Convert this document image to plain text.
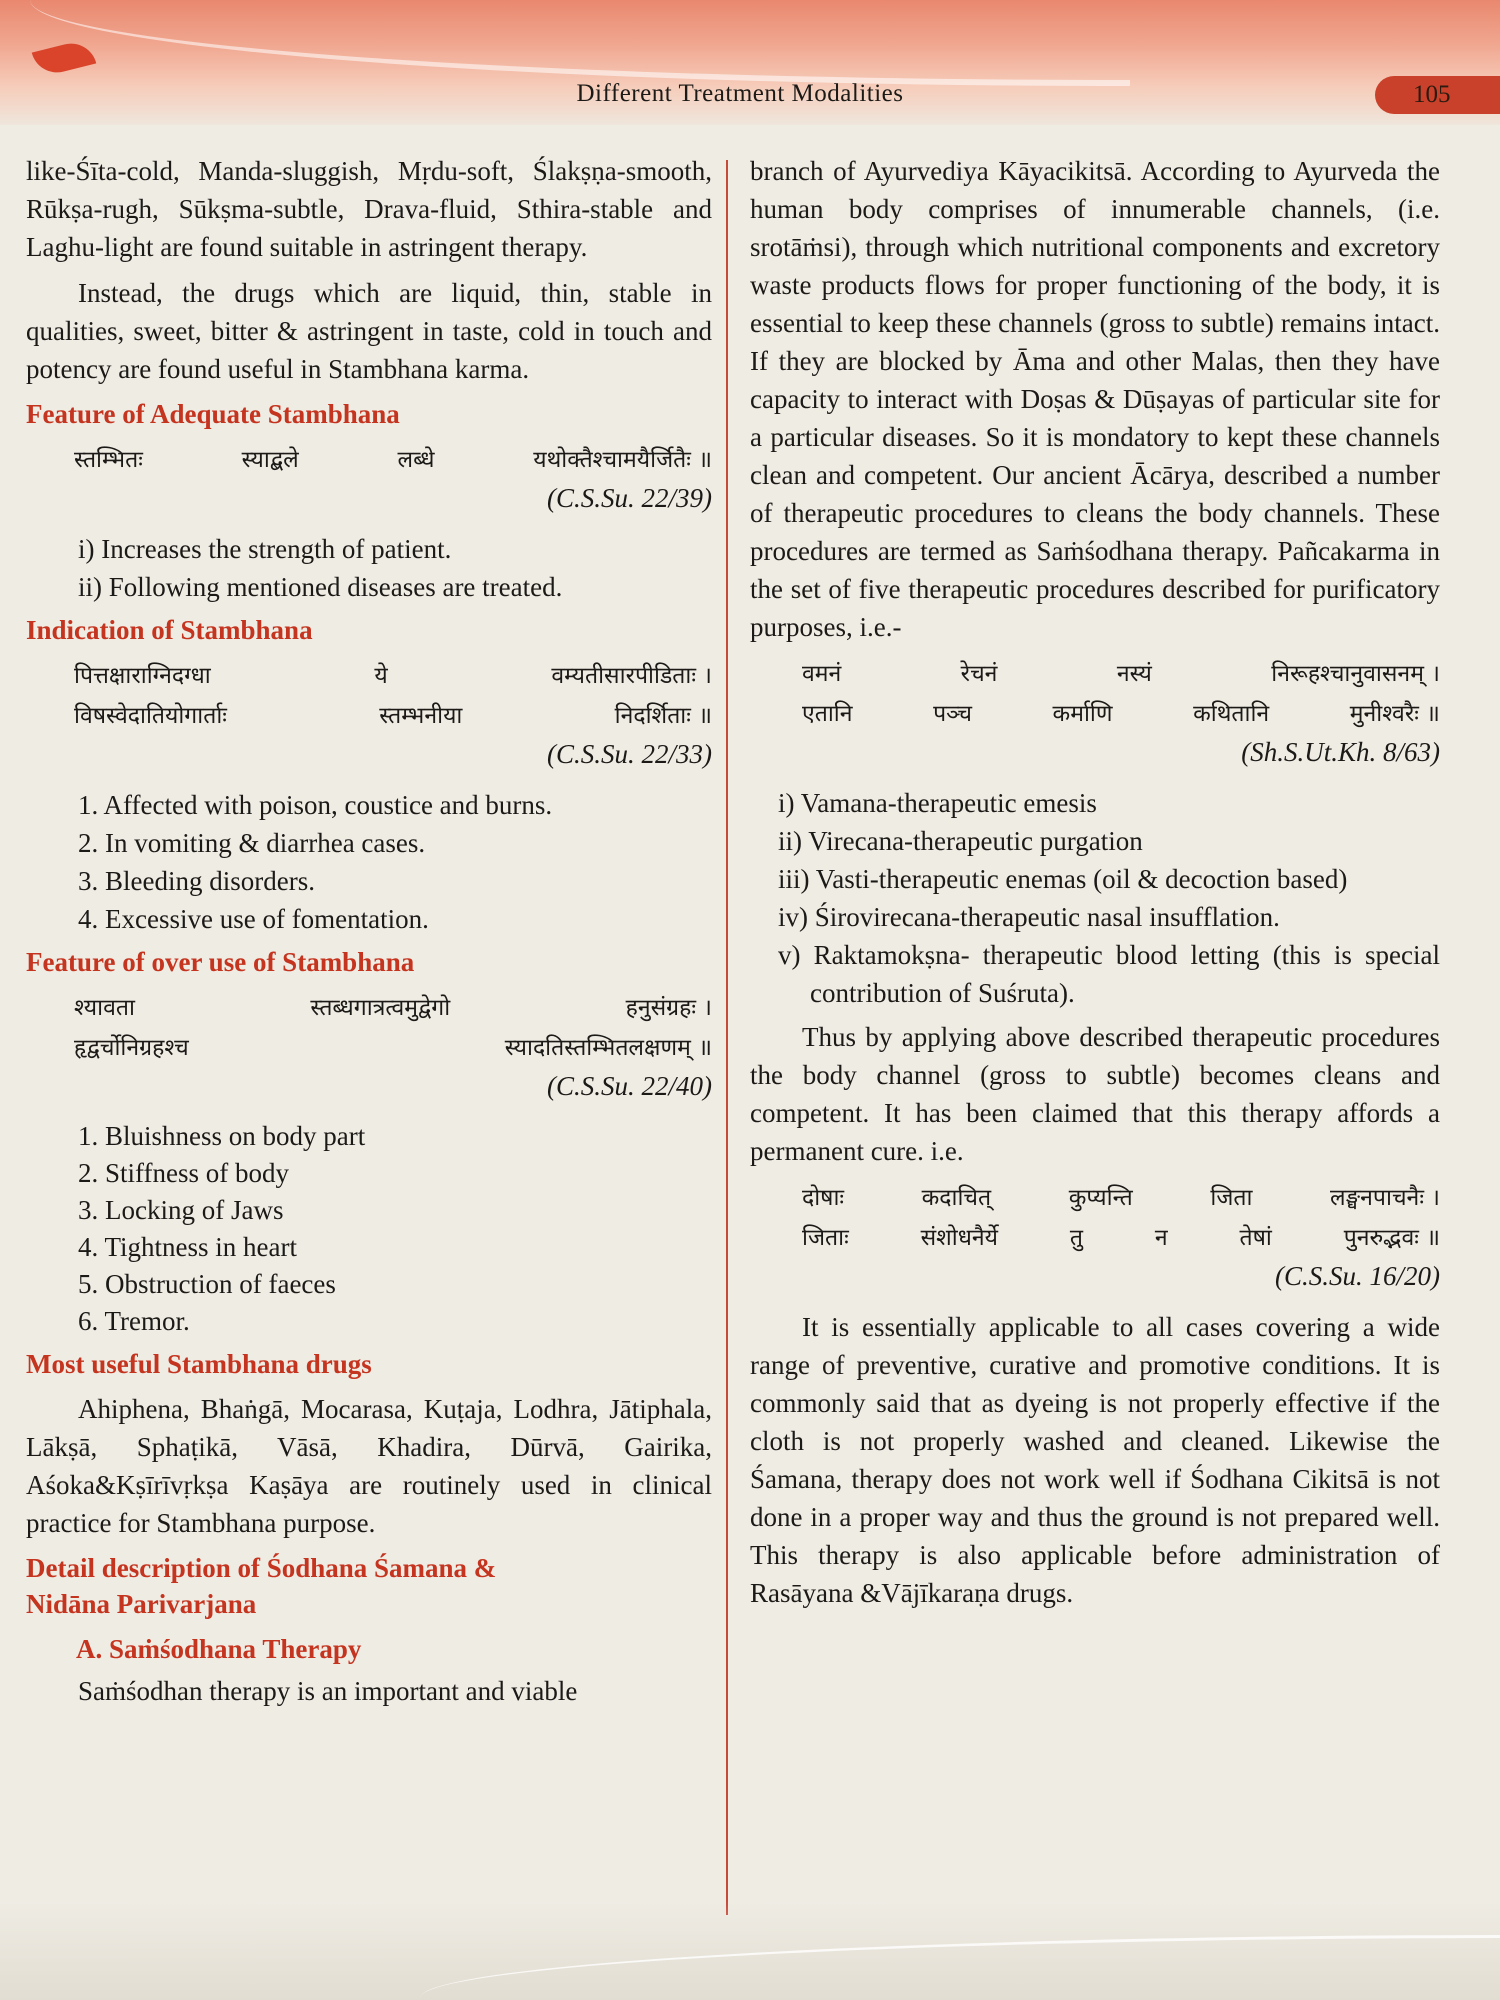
Different Treatment Modalities	105

like-Śīta-cold, Manda-sluggish, Mṛdu-soft, Ślakṣṇa-smooth, Rūkṣa-rugh, Sūkṣma-subtle, Drava-fluid, Sthira-stable and Laghu-light are found suitable in astringent therapy.

Instead, the drugs which are liquid, thin, stable in qualities, sweet, bitter & astringent in taste, cold in touch and potency are found useful in Stambhana karma.

Feature of Adequate Stambhana
स्तम्भितः	स्याद्बले	लब्धे	यथोक्तैश्चामयैर्जितैः ॥
(C.S.Su. 22/39)
i) Increases the strength of patient.
ii) Following mentioned diseases are treated.
Indication of Stambhana
पित्तक्षाराग्निदग्धा	ये	वम्यतीसारपीडिताः ।
विषस्वेदातियोगार्ताः	स्तम्भनीया	निदर्शिताः ॥
(C.S.Su. 22/33)
1. Affected with poison, coustice and burns.
2. In vomiting & diarrhea cases.
3. Bleeding disorders.
4. Excessive use of fomentation.
Feature of over use of Stambhana
श्यावता	स्तब्धगात्रत्वमुद्वेगो	हनुसंग्रहः ।
हृद्वर्चोनिग्रहश्च	स्यादतिस्तम्भितलक्षणम् ॥
(C.S.Su. 22/40)
1. Bluishness on body part
2. Stiffness of body
3. Locking of Jaws
4. Tightness in heart
5. Obstruction of faeces
6. Tremor.
Most useful Stambhana drugs

Ahiphena, Bhaṅgā, Mocarasa, Kuṭaja, Lodhra, Jātiphala, Lākṣā, Sphaṭikā, Vāsā, Khadira, Dūrvā, Gairika, Aśoka&Kṣīrīvṛkṣa Kaṣāya are routinely used in clinical practice for Stambhana purpose.

Detail description of Śodhana Śamana &
Nidāna Parivarjana
A. Saṁśodhana Therapy

Saṁśodhan therapy is an important and viable

branch of Ayurvediya Kāyacikitsā. According to Ayurveda the human body comprises of innumerable channels, (i.e. srotāṁsi), through which nutritional components and excretory waste products flows for proper functioning of the body, it is essential to keep these channels (gross to subtle) remains intact. If they are blocked by Āma and other Malas, then they have capacity to interact with Doṣas & Dūṣayas of particular site for a particular diseases. So it is mondatory to kept these channels clean and competent. Our ancient Ācārya, described a number of therapeutic procedures to cleans the body channels. These procedures are termed as Saṁśodhana therapy. Pañcakarma in the set of five therapeutic procedures described for purificatory purposes, i.e.-

वमनं	रेचनं	नस्यं	निरूहश्चानुवासनम् ।
एतानि	पञ्च	कर्माणि	कथितानि	मुनीश्वरैः ॥
(Sh.S.Ut.Kh. 8/63)
i) Vamana-therapeutic emesis
ii) Virecana-therapeutic purgation
iii) Vasti-therapeutic enemas (oil & decoction based)
iv) Śirovirecana-therapeutic nasal insufflation.
v) Raktamokṣna- therapeutic blood letting (this is special contribution of Suśruta).

Thus by applying above described therapeutic procedures the body channel (gross to subtle) becomes cleans and competent. It has been claimed that this therapy affords a permanent cure. i.e.

दोषाः	कदाचित्	कुप्यन्ति	जिता	लङ्घनपाचनैः ।
जिताः	संशोधनैर्ये	तु	न	तेषां	पुनरुद्भवः ॥
(C.S.Su. 16/20)

It is essentially applicable to all cases covering a wide range of preventive, curative and promotive conditions. It is commonly said that as dyeing is not properly effective if the cloth is not properly washed and cleaned. Likewise the Śamana, therapy does not work well if Śodhana Cikitsā is not done in a proper way and thus the ground is not prepared well. This therapy is also applicable before administration of Rasāyana &Vājīkaraṇa drugs.
